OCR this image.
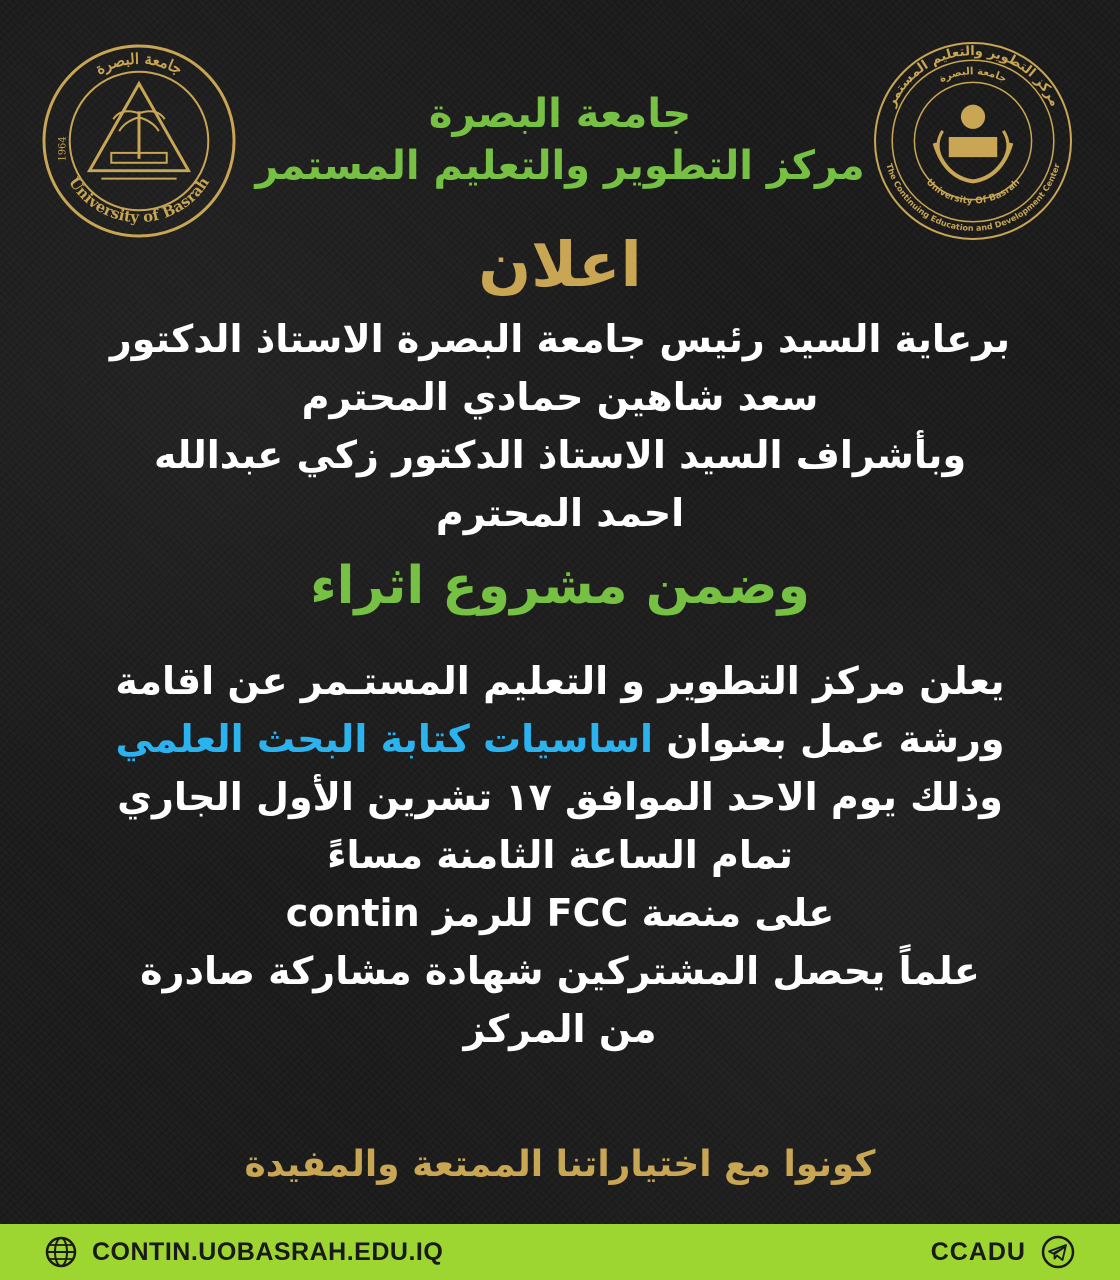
جامعة البصرة
University of Basrah
1964
مركز التطوير والتعليم المستمر
جامعة البصرة
The Continuing Education and Development Center
University Of Basrah
جامعة البصرة
مركز التطوير والتعليم المستمر
اعلان
برعاية السيد رئيس جامعة البصرة الاستاذ الدكتور
سعد شاهين حمادي المحترم
وبأشراف السيد الاستاذ الدكتور زكي عبدالله
احمد المحترم
وضمن مشروع اثراء
يعلن مركز التطوير و التعليم المستـمر عن اقامة
ورشة عمل بعنوان اساسيات كتابة البحث العلمي
وذلك يوم الاحد الموافق ١٧ تشرين الأول الجاري
تمام الساعة الثامنة مساءً
على منصة FCC للرمز contin
علماً يحصل المشتركين شهادة مشاركة صادرة
من المركز
كونوا مع اختياراتنا الممتعة والمفيدة
CONTIN.UOBASRAH.EDU.IQ	CCADU
